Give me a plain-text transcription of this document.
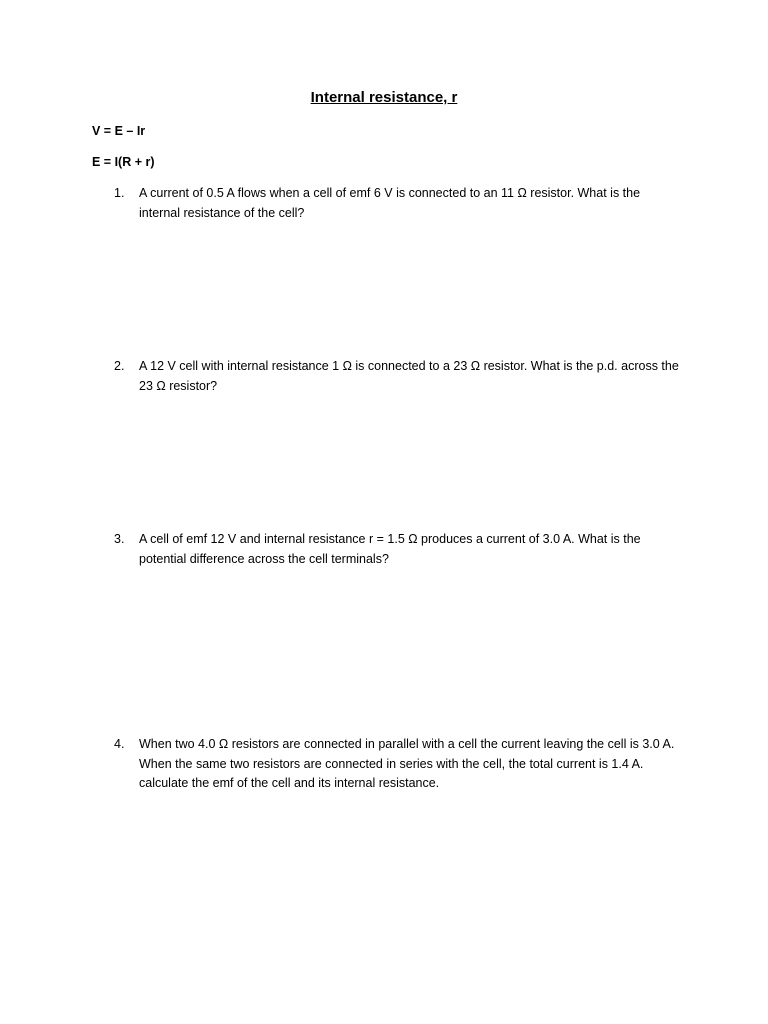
Internal resistance, r
V = E – Ir
E = I(R + r)
1.	A current of 0.5 A flows when a cell of emf 6 V is connected to an 11 Ω resistor. What is the internal resistance of the cell?
2.	A 12 V cell with internal resistance 1 Ω is connected to a 23 Ω resistor. What is the p.d. across the 23 Ω resistor?
3.	A cell of emf 12 V and internal resistance r = 1.5 Ω produces a current of 3.0 A. What is the potential difference across the cell terminals?
4.	When two 4.0 Ω resistors are connected in parallel with a cell the current leaving the cell is 3.0 A. When the same two resistors are connected in series with the cell, the total current is 1.4 A. calculate the emf of the cell and its internal resistance.
